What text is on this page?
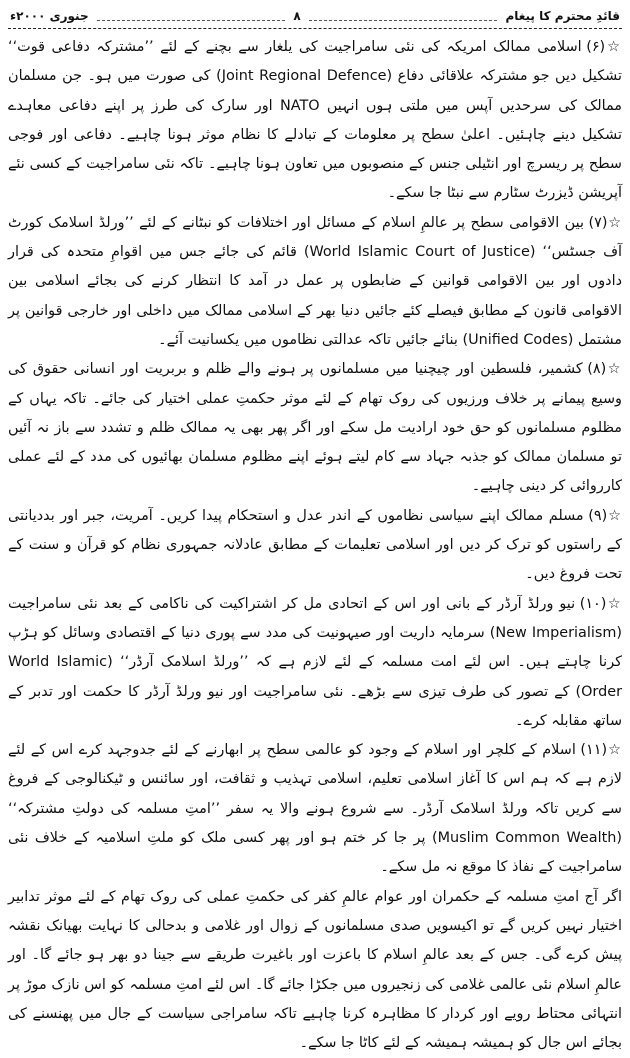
جنوری ۲۰۰۰ء	۸	قائدِ محترم کا پیغام

☆(۶) اسلامی ممالک امریکہ کی نئی سامراجیت کی یلغار سے بچنے کے لئے ’’مشترکہ دفاعی قوت‘‘ تشکیل دیں جو مشترکہ علاقائی دفاع (Joint Regional Defence) کی صورت میں ہو۔ جن مسلمان ممالک کی سرحدیں آپس میں ملتی ہوں انہیں NATO اور سارک کی طرز پر اپنے دفاعی معاہدے تشکیل دینے چاہئیں۔ اعلیٰ سطح پر معلومات کے تبادلے کا نظام موثر ہونا چاہیے۔ دفاعی اور فوجی سطح پر ریسرچ اور انٹیلی جنس کے منصوبوں میں تعاون ہونا چاہیے۔ تاکہ نئی سامراجیت کے کسی نئے آپریشن ڈیزرٹ سٹارم سے نبٹا جا سکے۔

☆(۷) بین الاقوامی سطح پر عالمِ اسلام کے مسائل اور اختلافات کو نبٹانے کے لئے ’’ورلڈ اسلامک کورٹ آف جسٹس‘‘ (World Islamic Court of Justice) قائم کی جائے جس میں اقوامِ متحدہ کی قرار دادوں اور بین الاقوامی قوانین کے ضابطوں پر عمل در آمد کا انتظار کرنے کی بجائے اسلامی بین الاقوامی قانون کے مطابق فیصلے کئے جائیں دنیا بھر کے اسلامی ممالک میں داخلی اور خارجی قوانین پر مشتمل (Unified Codes) بنائے جائیں تاکہ عدالتی نظاموں میں یکسانیت آئے۔

☆(۸) کشمیر، فلسطین اور چیچنیا میں مسلمانوں پر ہونے والے ظلم و بربریت اور انسانی حقوق کی وسیع پیمانے پر خلاف ورزیوں کی روک تھام کے لئے موثر حکمتِ عملی اختیار کی جائے۔ تاکہ یہاں کے مظلوم مسلمانوں کو حق خود ارادیت مل سکے اور اگر پھر بھی یہ ممالک ظلم و تشدد سے باز نہ آئیں تو مسلمان ممالک کو جذبہ جہاد سے کام لیتے ہوئے اپنے مظلوم مسلمان بھائیوں کی مدد کے لئے عملی کارروائی کر دینی چاہیے۔

☆(۹) مسلم ممالک اپنے سیاسی نظاموں کے اندر عدل و استحکام پیدا کریں۔ آمریت، جبر اور بددیانتی کے راستوں کو ترک کر دیں اور اسلامی تعلیمات کے مطابق عادلانہ جمہوری نظام کو قرآن و سنت کے تحت فروغ دیں۔

☆(۱۰) نیو ورلڈ آرڈر کے بانی اور اس کے اتحادی مل کر اشتراکیت کی ناکامی کے بعد نئی سامراجیت (New Imperialism) سرمایہ داریت اور صیہونیت کی مدد سے پوری دنیا کے اقتصادی وسائل کو ہڑپ کرنا چاہتے ہیں۔ اس لئے امت مسلمہ کے لئے لازم ہے کہ ’’ورلڈ اسلامک آرڈر‘‘ (World Islamic Order) کے تصور کی طرف تیزی سے بڑھے۔ نئی سامراجیت اور نیو ورلڈ آرڈر کا حکمت اور تدبر کے ساتھ مقابلہ کرے۔

☆(۱۱) اسلام کے کلچر اور اسلام کے وجود کو عالمی سطح پر ابھارنے کے لئے جدوجہد کرے اس کے لئے لازم ہے کہ ہم اس کا آغاز اسلامی تعلیم، اسلامی تہذیب و ثقافت، اور سائنس و ٹیکنالوجی کے فروغ سے کریں تاکہ ورلڈ اسلامک آرڈر۔ سے شروع ہونے والا یہ سفر ’’امتِ مسلمہ کی دولتِ مشترکہ‘‘ (Muslim Common Wealth) پر جا کر ختم ہو اور پھر کسی ملک کو ملتِ اسلامیہ کے خلاف نئی سامراجیت کے نفاذ کا موقع نہ مل سکے۔

اگر آج امتِ مسلمہ کے حکمران اور عوام عالمِ کفر کی حکمتِ عملی کی روک تھام کے لئے موثر تدابیر اختیار نہیں کریں گے تو اکیسویں صدی مسلمانوں کے زوال اور غلامی و بدحالی کا نہایت بھیانک نقشہ پیش کرے گی۔ جس کے بعد عالمِ اسلام کا باعزت اور باغیرت طریقے سے جینا دو بھر ہو جائے گا۔ اور عالمِ اسلام نئی عالمی غلامی کی زنجیروں میں جکڑا جائے گا۔ اس لئے امتِ مسلمہ کو اس نازک موڑ پر انتہائی محتاط رویے اور کردار کا مظاہرہ کرنا چاہیے تاکہ سامراجی سیاست کے جال میں پھنسنے کی بجائے اس جال کو ہمیشہ ہمیشہ کے لئے کاٹا جا سکے۔
